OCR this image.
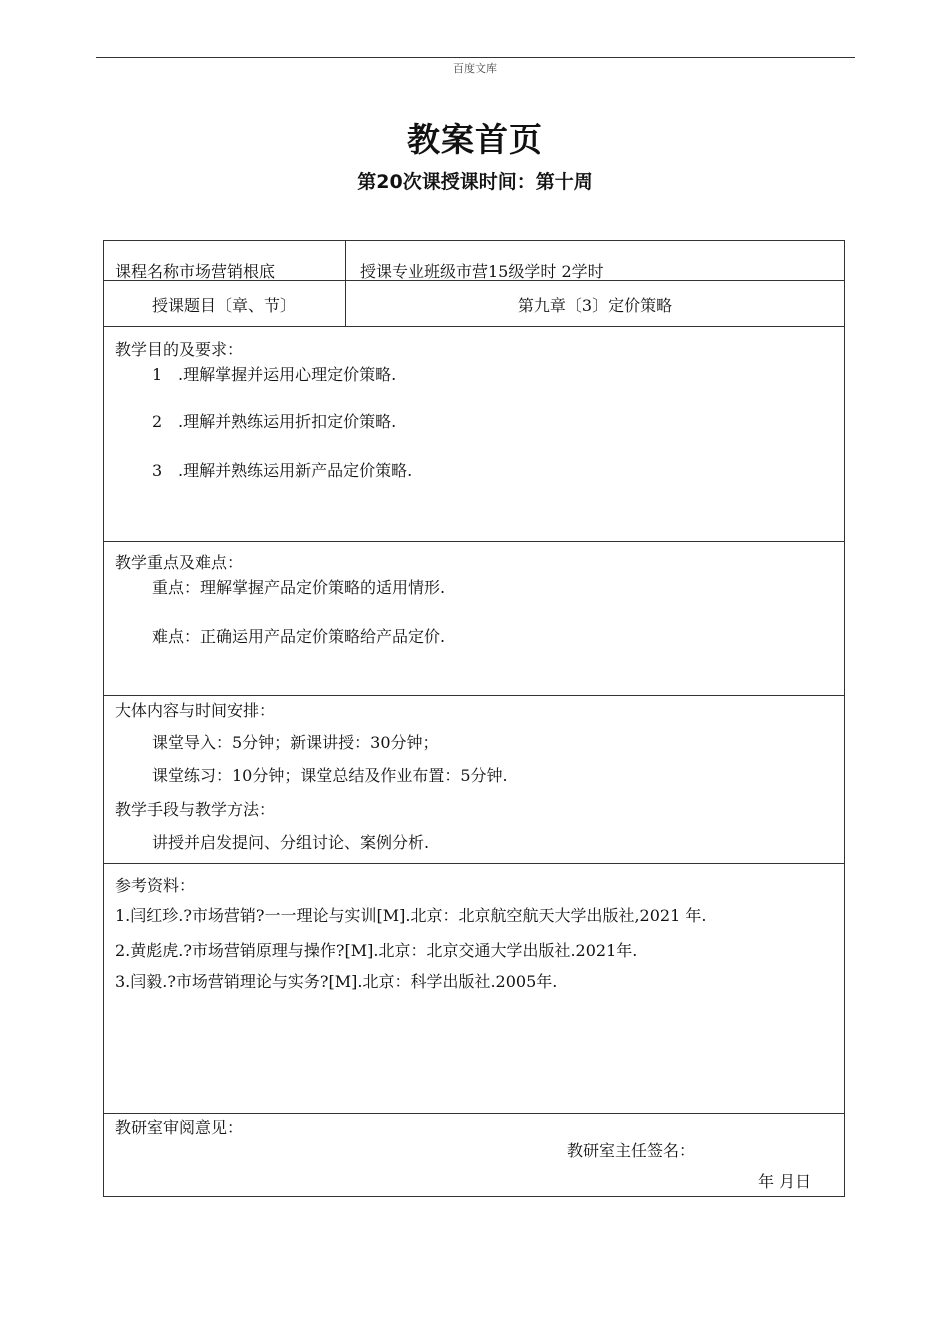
百度文库
教案首页
第20次课授课时间：第十周
课程名称市场营销根底	授课专业班级市营15级学时 2学时
授课题目〔章、节〕	第九章〔3〕定价策略
教学目的及要求：
1 .理解掌握并运用心理定价策略.
2 .理解并熟练运用折扣定价策略.
3 .理解并熟练运用新产品定价策略.
教学重点及难点：
重点：理解掌握产品定价策略的适用情形.
难点：正确运用产品定价策略给产品定价.
大体内容与时间安排：
课堂导入：5分钟；新课讲授：30分钟；
课堂练习：10分钟；课堂总结及作业布置：5分钟.
教学手段与教学方法：
讲授并启发提问、分组讨论、案例分析.
参考资料：
1.闫红珍.?市场营销?一一理论与实训[M].北京：北京航空航天大学出版社,2021 年.
2.黄彪虎.?市场营销原理与操作?[M].北京：北京交通大学出版社.2021年.
3.闫毅.?市场营销理论与实务?[M].北京：科学出版社.2005年.
教研室审阅意见：
教研室主任签名：
年 月日
